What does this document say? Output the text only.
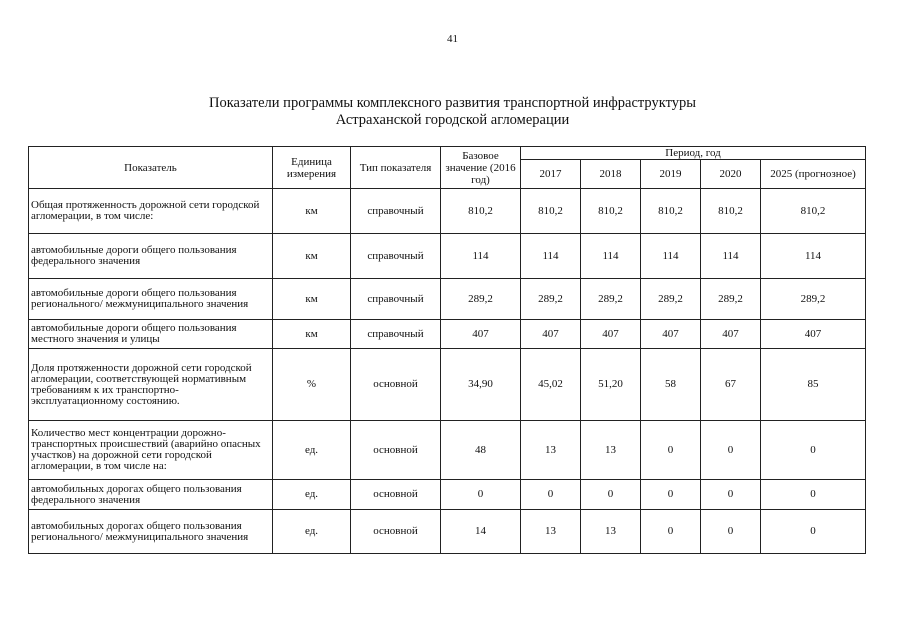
41
Показатели программы комплексного развития транспортной инфраструктуры
Астраханской городской агломерации
Показатель	Единица измерения	Тип показателя	Базовое значение (2016 год)	Период, год				
				2017	2018	2019	2020	2025 (прогнозное)
Общая протяженность дорожной сети городской агломерации, в том числе:	км	справочный	810,2	810,2	810,2	810,2	810,2	810,2
автомобильные дороги общего пользования федерального значения	км	справочный	114	114	114	114	114	114
автомобильные дороги общего пользования регионального/ межмуниципального значения	км	справочный	289,2	289,2	289,2	289,2	289,2	289,2
автомобильные дороги общего пользования местного значения и улицы	км	справочный	407	407	407	407	407	407
Доля протяженности дорожной сети городской агломерации, соответствующей нормативным требованиям к их транспортно-эксплуатационному состоянию.	%	основной	34,90	45,02	51,20	58	67	85
Количество мест концентрации дорожно-транспортных происшествий (аварийно опасных участков) на дорожной сети городской агломерации, в том числе на:	ед.	основной	48	13	13	0	0	0
автомобильных дорогах общего пользования федерального значения	ед.	основной	0	0	0	0	0	0
автомобильных дорогах общего пользования регионального/ межмуниципального значения	ед.	основной	14	13	13	0	0	0
